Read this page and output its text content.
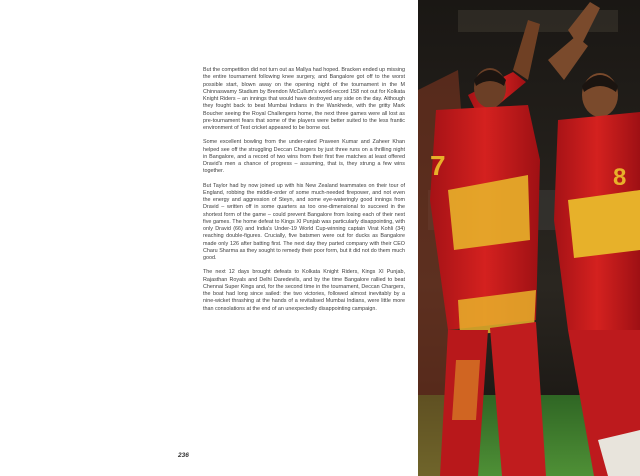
But the competition did not turn out as Mallya had hoped. Bracken ended up missing the entire tournament following knee surgery, and Bangalore got off to the worst possible start, blown away on the opening night of the tournament in the M Chinnaswamy Stadium by Brendon McCullum's world-record 158 not out for Kolkata Knight Riders – an innings that would have destroyed any side on the day. Although they fought back to beat Mumbai Indians in the Wankhede, with the gritty Mark Boucher seeing the Royal Challengers home, the next three games were all lost as pre-tournament fears that some of the players were better suited to the less frantic environment of Test cricket appeared to be borne out.

Some excellent bowling from the under-rated Praveen Kumar and Zaheer Khan helped see off the struggling Deccan Chargers by just three runs on a thrilling night in Bangalore, and a record of two wins from their first five matches at least offered Dravid's men a chance of progress – assuming, that is, they strung a few wins together.

But Taylor had by now joined up with his New Zealand teammates on their tour of England, robbing the middle-order of some much-needed firepower, and not even the energy and aggression of Steyn, and some eye-wateringly good innings from Dravid – written off in some quarters as too one-dimensional to succeed in the shortest form of the game – could prevent Bangalore from losing each of their next five games. The home defeat to Kings XI Punjab was particularly disappointing, with only Dravid (66) and India's Under-19 World Cup-winning captain Virat Kohli (34) reaching double-figures. Crucially, five batsmen were out for ducks as Bangalore made only 126 after batting first. The next day they parted company with their CEO Charu Sharma as they sought to remedy their poor form, but it did not do them much good.

The next 12 days brought defeats to Kolkata Knight Riders, Kings XI Punjab, Rajasthan Royals and Delhi Daredevils, and by the time Bangalore rallied to beat Chennai Super Kings and, for the second time in the tournament, Deccan Chargers, the boat had long since sailed: the two victories, followed almost inevitably by a nine-wicket thrashing at the hands of a revitalised Mumbai Indians, were little more than consolations at the end of an unexpectedly disappointing campaign.

236
7	8
